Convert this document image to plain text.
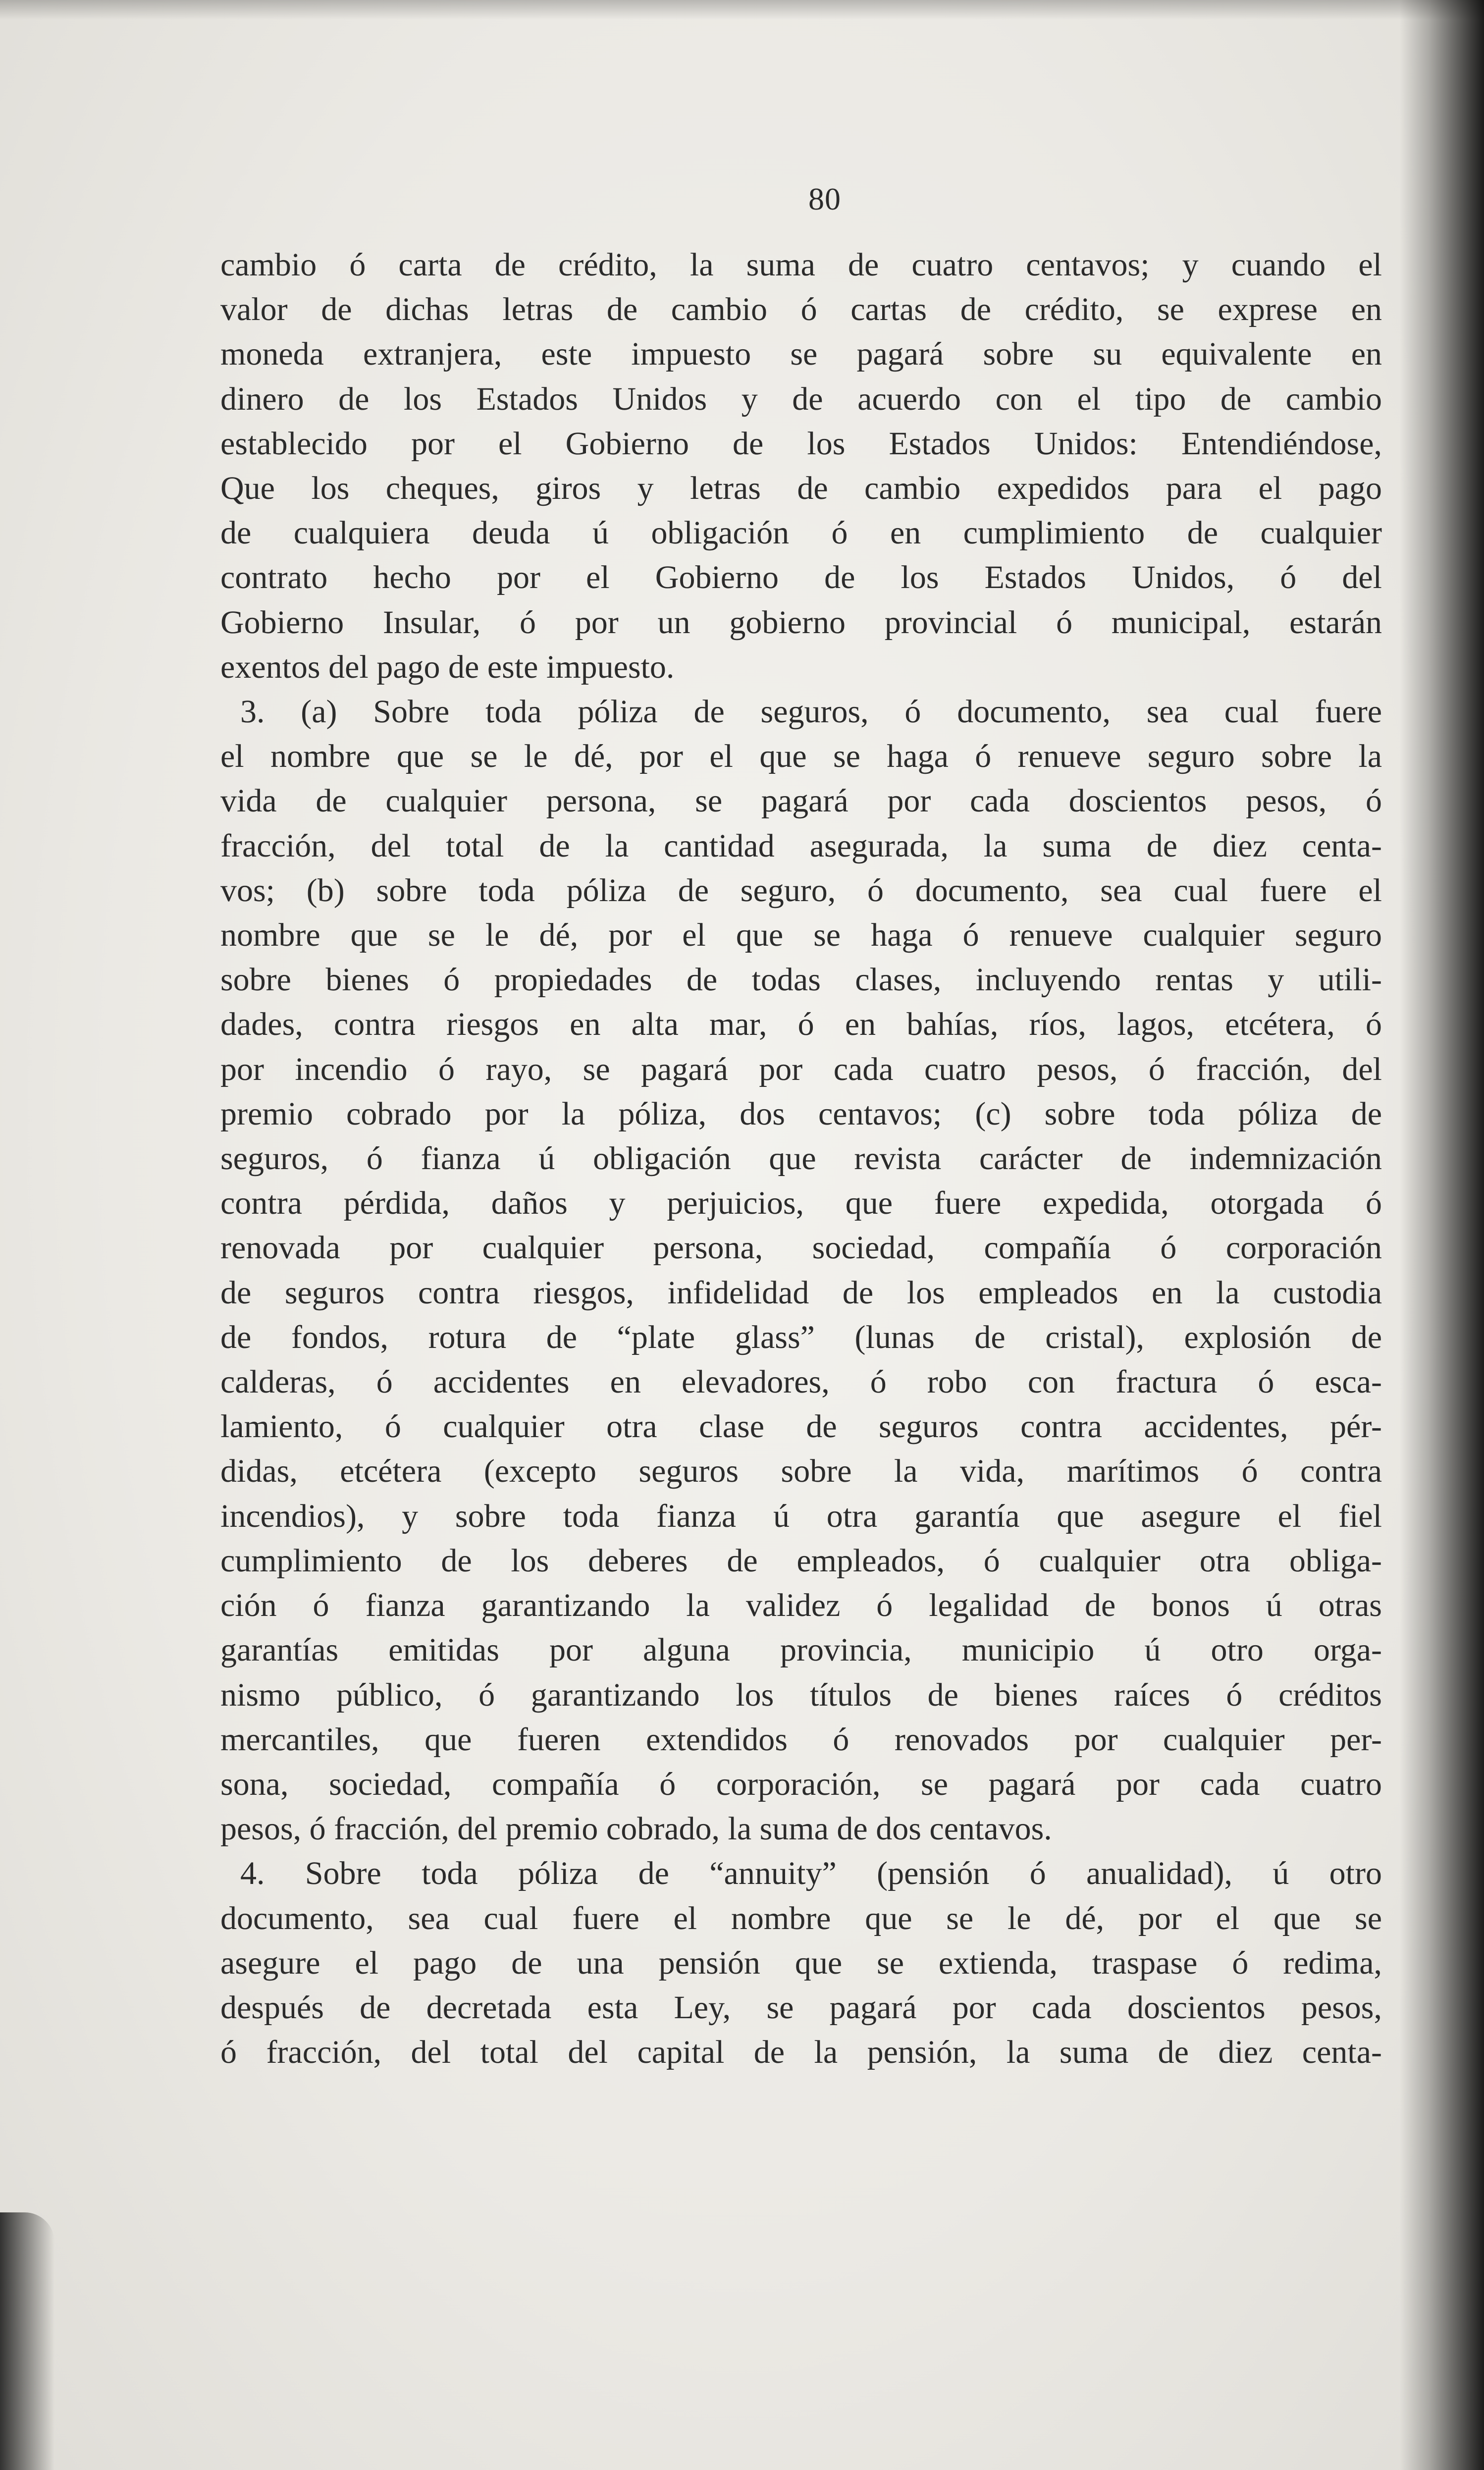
80
cambio ó carta de crédito, la suma de cuatro centavos; y cuando el
valor de dichas letras de cambio ó cartas de crédito, se exprese en
moneda extranjera, este impuesto se pagará sobre su equivalente en
dinero de los Estados Unidos y de acuerdo con el tipo de cambio
establecido por el Gobierno de los Estados Unidos: Entendiéndose,
Que los cheques, giros y letras de cambio expedidos para el pago
de cualquiera deuda ú obligación ó en cumplimiento de cualquier
contrato hecho por el Gobierno de los Estados Unidos, ó del
Gobierno Insular, ó por un gobierno provincial ó municipal, estarán
exentos del pago de este impuesto.
3. (a) Sobre toda póliza de seguros, ó documento, sea cual fuere
el nombre que se le dé, por el que se haga ó renueve seguro sobre la
vida de cualquier persona, se pagará por cada doscientos pesos, ó
fracción, del total de la cantidad asegurada, la suma de diez centa-
vos; (b) sobre toda póliza de seguro, ó documento, sea cual fuere el
nombre que se le dé, por el que se haga ó renueve cualquier seguro
sobre bienes ó propiedades de todas clases, incluyendo rentas y utili-
dades, contra riesgos en alta mar, ó en bahías, ríos, lagos, etcétera, ó
por incendio ó rayo, se pagará por cada cuatro pesos, ó fracción, del
premio cobrado por la póliza, dos centavos; (c) sobre toda póliza de
seguros, ó fianza ú obligación que revista carácter de indemnización
contra pérdida, daños y perjuicios, que fuere expedida, otorgada ó
renovada por cualquier persona, sociedad, compañía ó corporación
de seguros contra riesgos, infidelidad de los empleados en la custodia
de fondos, rotura de “plate glass” (lunas de cristal), explosión de
calderas, ó accidentes en elevadores, ó robo con fractura ó esca-
lamiento, ó cualquier otra clase de seguros contra accidentes, pér-
didas, etcétera (excepto seguros sobre la vida, marítimos ó contra
incendios), y sobre toda fianza ú otra garantía que asegure el fiel
cumplimiento de los deberes de empleados, ó cualquier otra obliga-
ción ó fianza garantizando la validez ó legalidad de bonos ú otras
garantías emitidas por alguna provincia, municipio ú otro orga-
nismo público, ó garantizando los títulos de bienes raíces ó créditos
mercantiles, que fueren extendidos ó renovados por cualquier per-
sona, sociedad, compañía ó corporación, se pagará por cada cuatro
pesos, ó fracción, del premio cobrado, la suma de dos centavos.
4. Sobre toda póliza de “annuity” (pensión ó anualidad), ú otro
documento, sea cual fuere el nombre que se le dé, por el que se
asegure el pago de una pensión que se extienda, traspase ó redima,
después de decretada esta Ley, se pagará por cada doscientos pesos,
ó fracción, del total del capital de la pensión, la suma de diez centa-
